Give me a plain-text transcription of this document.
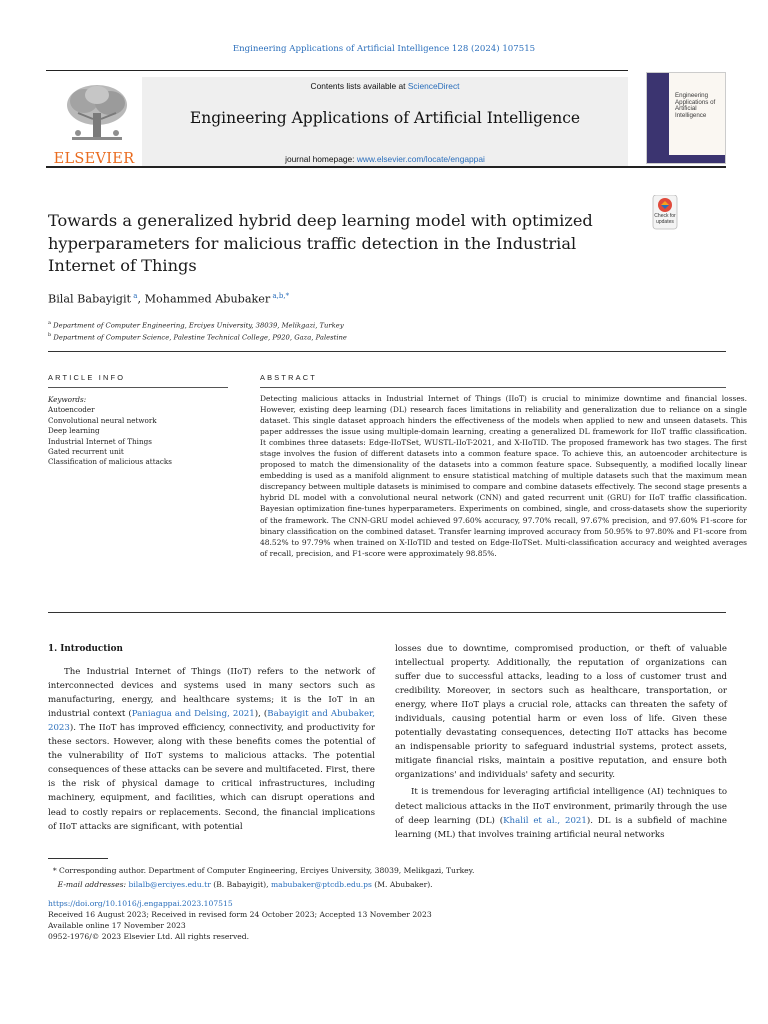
Engineering Applications of Artificial Intelligence 128 (2024) 107515
ELSEVIER
Contents lists available at ScienceDirect
Engineering Applications of Artificial Intelligence
journal homepage: www.elsevier.com/locate/engappai
Engineering Applications of Artificial Intelligence
Check for updates
Towards a generalized hybrid deep learning model with optimized hyperparameters for malicious traffic detection in the Industrial Internet of Things
Bilal Babayigit $^a$, Mohammed Abubaker $^{a,b,*}$
$^a$ Department of Computer Engineering, Erciyes University, 38039, Melikgazi, Turkey
$^b$ Department of Computer Science, Palestine Technical College, P920, Gaza, Palestine
ARTICLE INFO	ABSTRACT
Keywords:
Autoencoder
Convolutional neural network
Deep learning
Industrial Internet of Things
Gated recurrent unit
Classification of malicious attacks
Detecting malicious attacks in Industrial Internet of Things (IIoT) is crucial to minimize downtime and financial losses. However, existing deep learning (DL) research faces limitations in reliability and generalization due to reliance on a single dataset. This single dataset approach hinders the effectiveness of the models when applied to new and unseen datasets. This paper addresses the issue using multiple-domain learning, creating a generalized DL framework for IIoT traffic classification. It combines three datasets: Edge-IIoTSet, WUSTL-IIoT-2021, and X-IIoTID. The proposed framework has two stages. The first stage involves the fusion of different datasets into a common feature space. To achieve this, an autoencoder architecture is proposed to match the dimensionality of the datasets into a common feature space. Subsequently, a modified locally linear embedding is used as a manifold alignment to ensure statistical matching of multiple datasets such that the maximum mean discrepancy between multiple datasets is minimised to compare and combine datasets effectively. The second stage presents a hybrid DL model with a convolutional neural network (CNN) and gated recurrent unit (GRU) for IIoT traffic classification. Bayesian optimization fine-tunes hyperparameters. Experiments on combined, single, and cross-datasets show the superiority of the framework. The CNN-GRU model achieved 97.60% accuracy, 97.70% recall, 97.67% precision, and 97.60% F1-score for binary classification on the combined dataset. Transfer learning improved accuracy from 50.95% to 97.80% and F1-score from 48.52% to 97.79% when trained on X-IIoTID and tested on Edge-IIoTSet. Multi-classification accuracy and weighted averages of recall, precision, and F1-score were approximately 98.85%.
1. Introduction

The Industrial Internet of Things (IIoT) refers to the network of interconnected devices and systems used in many sectors such as manufacturing, energy, and healthcare systems; it is the IoT in an industrial context (Paniagua and Delsing, 2021), (Babayigit and Abubaker, 2023). The IIoT has improved efficiency, connectivity, and productivity for these sectors. However, along with these benefits comes the potential of the vulnerability of IIoT systems to malicious attacks. The potential consequences of these attacks can be severe and multifaceted. First, there is the risk of physical damage to critical infrastructures, including machinery, equipment, and facilities, which can disrupt operations and lead to costly repairs or replacements. Second, the financial implications of IIoT attacks are significant, with potential

losses due to downtime, compromised production, or theft of valuable intellectual property. Additionally, the reputation of organizations can suffer due to successful attacks, leading to a loss of customer trust and credibility. Moreover, in sectors such as healthcare, transportation, or energy, where IIoT plays a crucial role, attacks can threaten the safety of individuals, causing potential harm or even loss of life. Given these potentially devastating consequences, detecting IIoT attacks has become an indispensable priority to safeguard industrial systems, protect assets, mitigate financial risks, maintain a positive reputation, and ensure both organizations' and individuals' safety and security.

It is tremendous for leveraging artificial intelligence (AI) techniques to detect malicious attacks in the IIoT environment, primarily through the use of deep learning (DL) (Khalil et al., 2021). DL is a subfield of machine learning (ML) that involves training artificial neural networks

* Corresponding author. Department of Computer Engineering, Erciyes University, 38039, Melikgazi, Turkey.
E-mail addresses: bilalb@erciyes.edu.tr (B. Babayigit), mabubaker@ptcdb.edu.ps (M. Abubaker).
https://doi.org/10.1016/j.engappai.2023.107515
Received 16 August 2023; Received in revised form 24 October 2023; Accepted 13 November 2023
Available online 17 November 2023
0952-1976/© 2023 Elsevier Ltd. All rights reserved.
